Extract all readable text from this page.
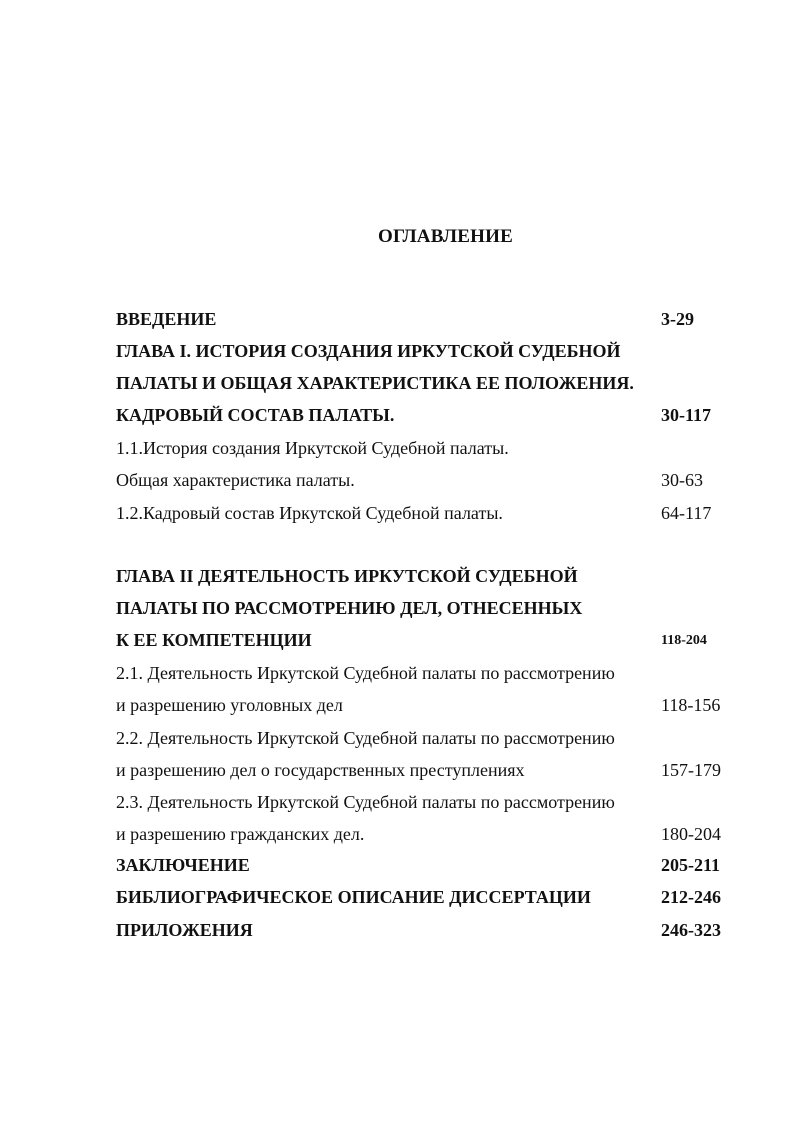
ОГЛАВЛЕНИЕ
ВВЕДЕНИЕ	3-29
ГЛАВА I. ИСТОРИЯ СОЗДАНИЯ ИРКУТСКОЙ СУДЕБНОЙ
ПАЛАТЫ И ОБЩАЯ ХАРАКТЕРИСТИКА ЕЕ ПОЛОЖЕНИЯ.
КАДРОВЫЙ СОСТАВ ПАЛАТЫ.	30-117
1.1.История создания Иркутской Судебной палаты.
Общая характеристика палаты.	30-63
1.2.Кадровый состав Иркутской Судебной палаты.	64-117
ГЛАВА II ДЕЯТЕЛЬНОСТЬ ИРКУТСКОЙ СУДЕБНОЙ
ПАЛАТЫ ПО РАССМОТРЕНИЮ ДЕЛ, ОТНЕСЕННЫХ
К ЕЕ КОМПЕТЕНЦИИ	118-204
2.1. Деятельность Иркутской Судебной палаты по рассмотрению
и разрешению уголовных дел	118-156
2.2. Деятельность Иркутской Судебной палаты по рассмотрению
и разрешению дел о государственных преступлениях	157-179
2.3. Деятельность Иркутской Судебной палаты по рассмотрению
и разрешению гражданских дел.	180-204
ЗАКЛЮЧЕНИЕ	205-211
БИБЛИОГРАФИЧЕСКОЕ ОПИСАНИЕ ДИССЕРТАЦИИ	212-246
ПРИЛОЖЕНИЯ	246-323
